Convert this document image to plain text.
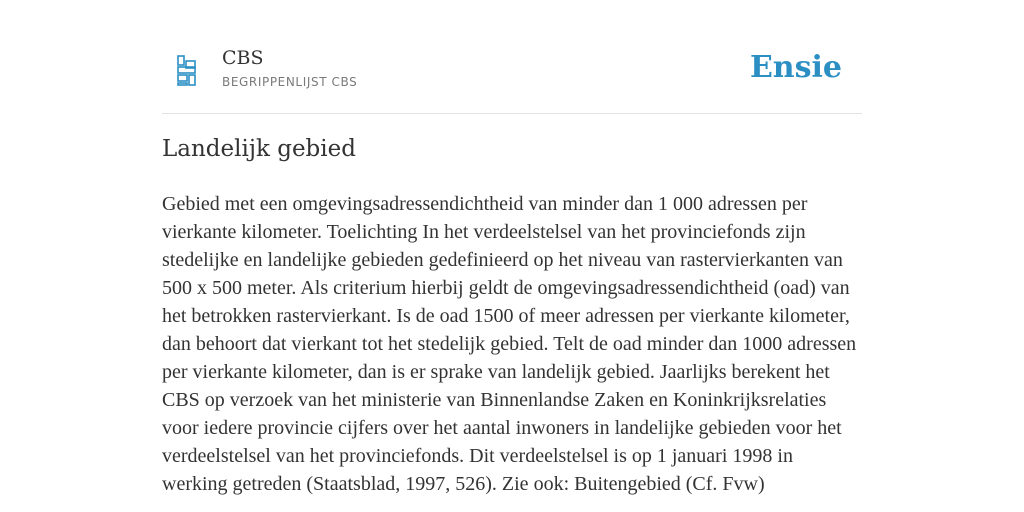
CBS
BEGRIPPENLIJST CBS	Ensie
Landelijk gebied

Gebied met een omgevingsadressendichtheid van minder dan 1 000 adressen per vierkante kilometer. Toelichting In het verdeelstelsel van het provinciefonds zijn stedelijke en landelijke gebieden gedefinieerd op het niveau van rastervierkanten van 500 x 500 meter. Als criterium hierbij geldt de omgevingsadressendichtheid (oad) van het betrokken rastervierkant. Is de oad 1500 of meer adressen per vierkante kilometer, dan behoort dat vierkant tot het stedelijk gebied. Telt de oad minder dan 1000 adressen per vierkante kilometer, dan is er sprake van landelijk gebied. Jaarlijks berekent het CBS op verzoek van het ministerie van Binnenlandse Zaken en Koninkrijksrelaties voor iedere provincie cijfers over het aantal inwoners in landelijke gebieden voor het verdeelstelsel van het provinciefonds. Dit verdeelstelsel is op 1 januari 1998 in werking getreden (Staatsblad, 1997, 526). Zie ook: Buitengebied (Cf. Fvw)
